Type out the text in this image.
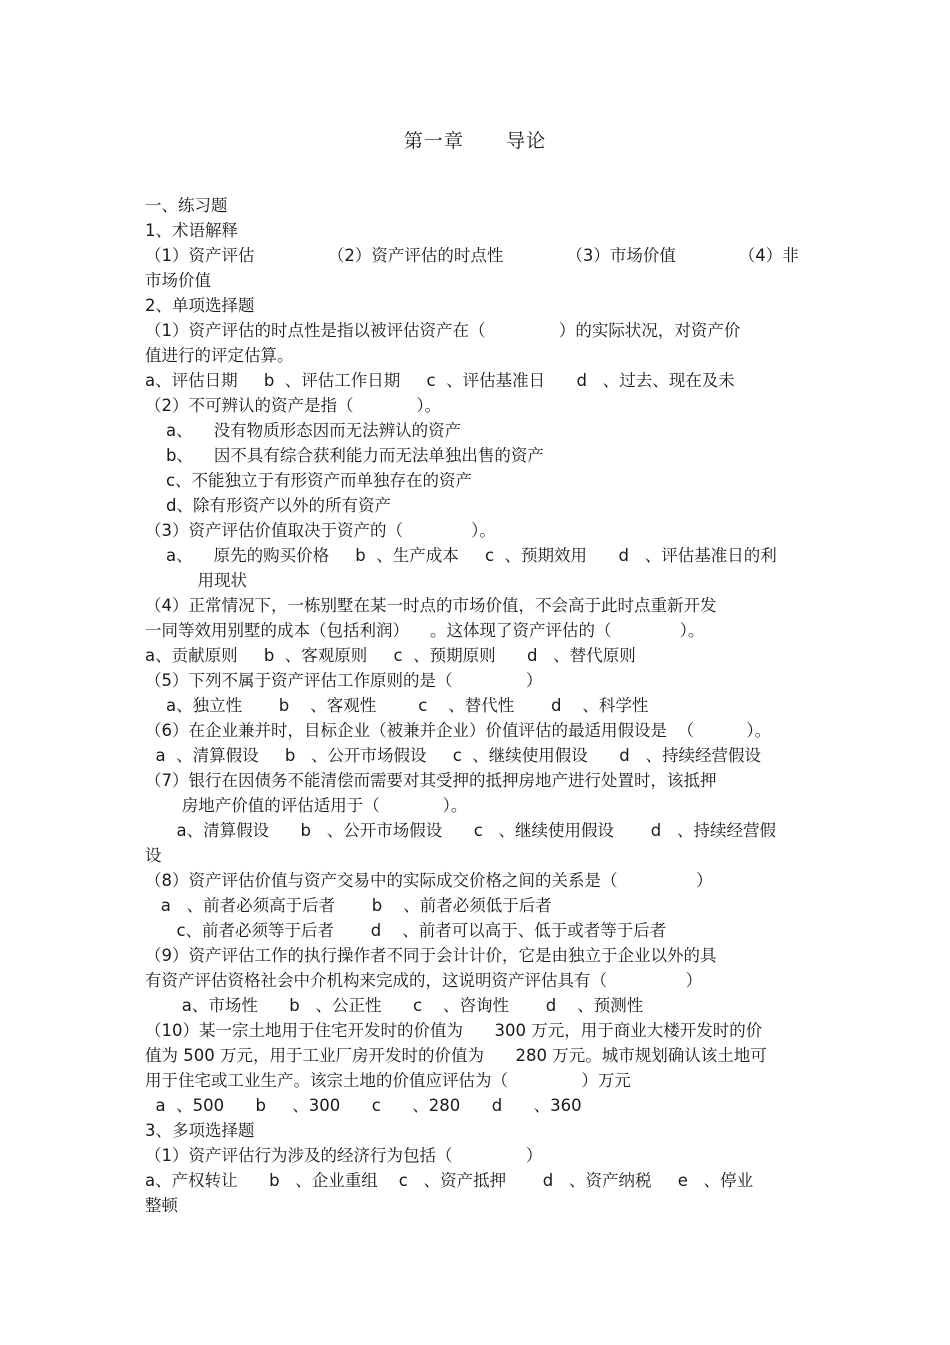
第一章      导论
一、练习题
1、术语解释
（1）资产评估              （2）资产评估的时点性            （3）市场价值            （4）非
市场价值
2、单项选择题
（1）资产评估的时点性是指以被评估资产在（              ）的实际状况，对资产价
值进行的评定估算。
a、评估日期     b  、评估工作日期     c  、评估基准日      d   、过去、现在及未
（2）不可辨认的资产是指（            ）。
a、    没有物质形态因而无法辨认的资产
b、    因不具有综合获利能力而无法单独出售的资产
c、不能独立于有形资产而单独存在的资产
d、除有形资产以外的所有资产
（3）资产评估价值取决于资产的（             ）。
a、    原先的购买价格     b  、生产成本     c  、预期效用      d   、评估基准日的利
用现状
（4）正常情况下，一栋别墅在某一时点的市场价值，不会高于此时点重新开发
一同等效用别墅的成本（包括利润）    。这体现了资产评估的（             ）。
a、贡献原则     b  、客观原则     c  、预期原则      d   、替代原则
（5）下列不属于资产评估工作原则的是（              ）
a、独立性       b    、客观性        c    、替代性       d    、科学性
（6）在企业兼并时，目标企业（被兼并企业）价值评估的最适用假设是  （          ）。
a  、清算假设     b   、公开市场假设     c  、继续使用假设      d   、持续经营假设
（7）银行在因债务不能清偿而需要对其受押的抵押房地产进行处置时，该抵押
房地产价值的评估适用于（            ）。
a、清算假设      b   、公开市场假设      c   、继续使用假设       d   、持续经营假
设
（8）资产评估价值与资产交易中的实际成交价格之间的关系是（               ）
a   、前者必须高于后者       b    、前者必须低于后者
c、前者必须等于后者       d    、前者可以高于、低于或者等于后者
（9）资产评估工作的执行操作者不同于会计计价，它是由独立于企业以外的具
有资产评估资格社会中介机构来完成的，这说明资产评估具有（               ）
a、市场性      b   、公正性      c    、咨询性       d    、预测性
（10）某一宗土地用于住宅开发时的价值为      300 万元，用于商业大楼开发时的价
值为 500 万元，用于工业厂房开发时的价值为      280 万元。城市规划确认该土地可
用于住宅或工业生产。该宗土地的价值应评估为（              ）万元
a  、500      b     、300      c      、280      d      、360
3、多项选择题
（1）资产评估行为涉及的经济行为包括（              ）
a、产权转让      b   、企业重组    c   、资产抵押       d   、资产纳税     e   、停业
整顿
